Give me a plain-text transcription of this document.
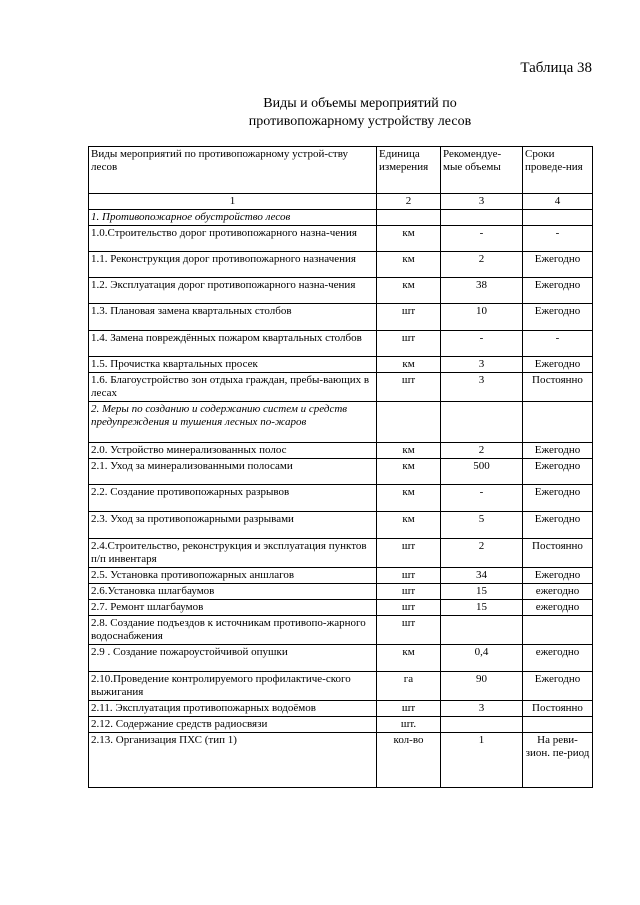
Таблица 38
Виды и объемы мероприятий по
противопожарному устройству лесов
Виды мероприятий по противопожарному устрой-ству лесов	Единица измерения	Рекомендуе-мые объемы	Сроки проведе-ния
1	2	3	4
1. Противопожарное обустройство лесов			
1.0.Строительство дорог противопожарного назна-чения	км	-	-
1.1. Реконструкция дорог противопожарного назначения	км	2	Ежегодно
1.2. Эксплуатация дорог противопожарного назна-чения	км	38	Ежегодно
1.3. Плановая замена квартальных столбов	шт	10	Ежегодно
1.4. Замена повреждённых пожаром квартальных столбов	шт	-	-
1.5. Прочистка квартальных просек	км	3	Ежегодно
1.6. Благоустройство зон отдыха граждан, пребы-вающих в лесах	шт	3	Постоянно
2. Меры по созданию и содержанию систем и средств предупреждения и тушения лесных по-жаров			
2.0. Устройство минерализованных полос	км	2	Ежегодно
2.1. Уход за минерализованными полосами	км	500	Ежегодно
2.2. Создание противопожарных разрывов	км	-	Ежегодно
2.3. Уход за противопожарными разрывами	км	5	Ежегодно
2.4.Строительство, реконструкция и эксплуатация пунктов п/п инвентаря	шт	2	Постоянно
2.5. Установка противопожарных аншлагов	шт	34	Ежегодно
2.6.Установка шлагбаумов	шт	15	ежегодно
2.7. Ремонт шлагбаумов	шт	15	ежегодно
2.8. Создание подъездов к источникам противопо-жарного водоснабжения	шт		
2.9 . Создание пожароустойчивой опушки	км	0,4	ежегодно
2.10.Проведение контролируемого профилактиче-ского выжигания	га	90	Ежегодно
2.11. Эксплуатация противопожарных водоёмов	шт	3	Постоянно
2.12. Содержание средств радиосвязи	шт.		
2.13. Организация ПХС (тип 1)	кол-во	1	На реви-зион. пе-риод
